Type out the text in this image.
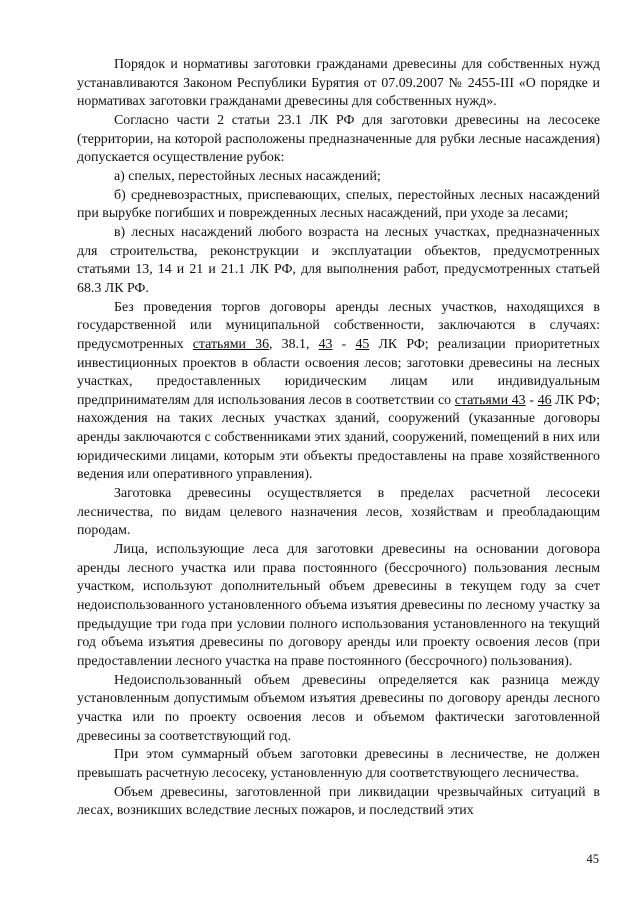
Порядок и нормативы заготовки гражданами древесины для собственных нужд устанавливаются Законом Республики Бурятия от 07.09.2007 № 2455-III «О порядке и нормативах заготовки гражданами древесины для собственных нужд».

Согласно части 2 статьи 23.1 ЛК РФ для заготовки древесины на лесосеке (территории, на которой расположены предназначенные для рубки лесные насаждения) допускается осуществление рубок:

а) спелых, перестойных лесных насаждений;

б) средневозрастных, приспевающих, спелых, перестойных лесных насаждений при вырубке погибших и поврежденных лесных насаждений, при уходе за лесами;

в) лесных насаждений любого возраста на лесных участках, предназначенных для строительства, реконструкции и эксплуатации объектов, предусмотренных статьями 13, 14 и 21 и 21.1 ЛК РФ, для выполнения работ, предусмотренных статьей 68.3 ЛК РФ.

Без проведения торгов договоры аренды лесных участков, находящихся в государственной или муниципальной собственности, заключаются в случаях: предусмотренных статьями 36, 38.1, 43 - 45 ЛК РФ; реализации приоритетных инвестиционных проектов в области освоения лесов; заготовки древесины на лесных участках, предоставленных юридическим лицам или индивидуальным предпринимателям для использования лесов в соответствии со статьями 43 - 46 ЛК РФ; нахождения на таких лесных участках зданий, сооружений (указанные договоры аренды заключаются с собственниками этих зданий, сооружений, помещений в них или юридическими лицами, которым эти объекты предоставлены на праве хозяйственного ведения или оперативного управления).

Заготовка древесины осуществляется в пределах расчетной лесосеки лесничества, по видам целевого назначения лесов, хозяйствам и преобладающим породам.

Лица, использующие леса для заготовки древесины на основании договора аренды лесного участка или права постоянного (бессрочного) пользования лесным участком, используют дополнительный объем древесины в текущем году за счет недоиспользованного установленного объема изъятия древесины по лесному участку за предыдущие три года при условии полного использования установленного на текущий год объема изъятия древесины по договору аренды или проекту освоения лесов (при предоставлении лесного участка на праве постоянного (бессрочного) пользования).

Недоиспользованный объем древесины определяется как разница между установленным допустимым объемом изъятия древесины по договору аренды лесного участка или по проекту освоения лесов и объемом фактически заготовленной древесины за соответствующий год.

При этом суммарный объем заготовки древесины в лесничестве, не должен превышать расчетную лесосеку, установленную для соответствующего лесничества.

Объем древесины, заготовленной при ликвидации чрезвычайных ситуаций в лесах, возникших вследствие лесных пожаров, и последствий этих

45
